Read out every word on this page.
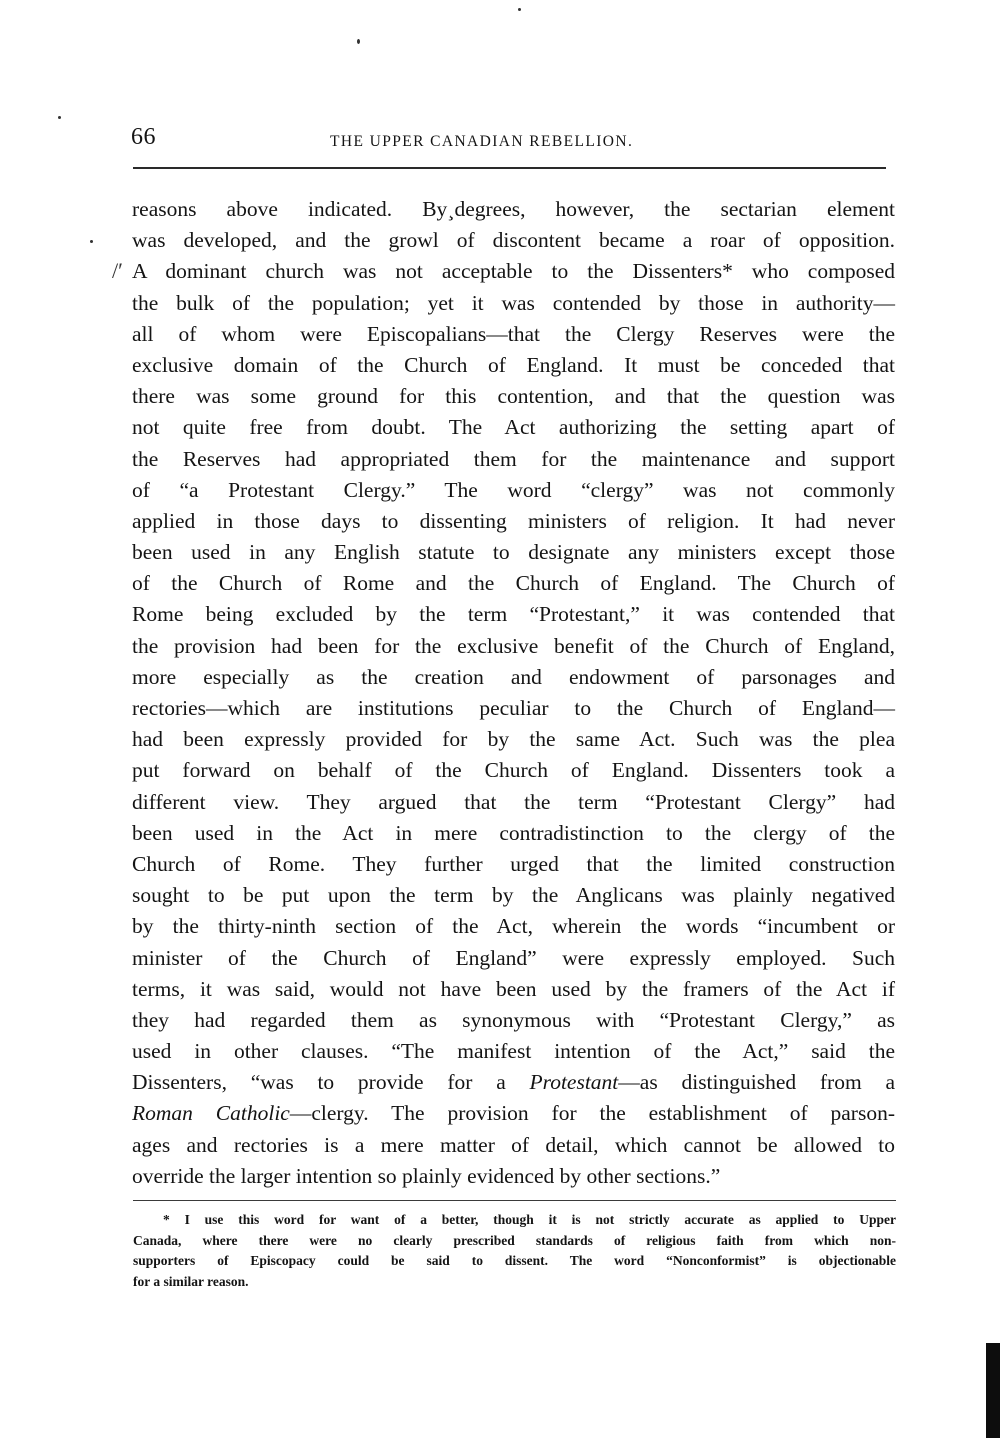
66	THE UPPER CANADIAN REBELLION.
/′
reasons above indicated. By¸degrees, however, the sectarian element
was developed, and the growl of discontent became a roar of opposition.
A dominant church was not acceptable to the Dissenters* who composed
the bulk of the population; yet it was contended by those in authority—
all of whom were Episcopalians—that the Clergy Reserves were the
exclusive domain of the Church of England. It must be conceded that
there was some ground for this contention, and that the question was
not quite free from doubt. The Act authorizing the setting apart of
the Reserves had appropriated them for the maintenance and support
of “a Protestant Clergy.” The word “clergy” was not commonly
applied in those days to dissenting ministers of religion. It had never
been used in any English statute to designate any ministers except those
of the Church of Rome and the Church of England. The Church of
Rome being excluded by the term “Protestant,” it was contended that
the provision had been for the exclusive benefit of the Church of England,
more especially as the creation and endowment of parsonages and
rectories—which are institutions peculiar to the Church of England—
had been expressly provided for by the same Act. Such was the plea
put forward on behalf of the Church of England. Dissenters took a
different view. They argued that the term “Protestant Clergy” had
been used in the Act in mere contradistinction to the clergy of the
Church of Rome. They further urged that the limited construction
sought to be put upon the term by the Anglicans was plainly negatived
by the thirty-ninth section of the Act, wherein the words “incumbent or
minister of the Church of England” were expressly employed. Such
terms, it was said, would not have been used by the framers of the Act if
they had regarded them as synonymous with “Protestant Clergy,” as
used in other clauses. “The manifest intention of the Act,” said the
Dissenters, “was to provide for a Protestant—as distinguished from a
Roman Catholic—clergy. The provision for the establishment of parson-
ages and rectories is a mere matter of detail, which cannot be allowed to
override the larger intention so plainly evidenced by other sections.”
* I use this word for want of a better, though it is not strictly accurate as applied to Upper
Canada, where there were no clearly prescribed standards of religious faith from which non-
supporters of Episcopacy could be said to dissent. The word “Nonconformist” is objectionable
for a similar reason.
